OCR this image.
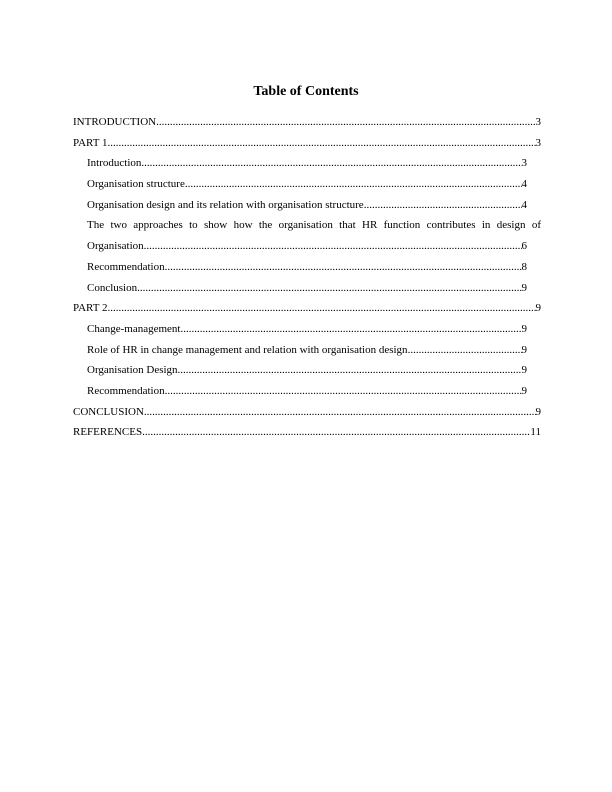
Table of Contents
INTRODUCTION .....	3
PART 1 .....	3
Introduction .....	3
Organisation structure .....	4
Organisation design and its relation with organisation structure .....	4
The two approaches to show how the organisation that HR function contributes in design of
Organisation .....	6
Recommendation .....	8
Conclusion .....	9
PART 2 .....	9
Change-management .....	9
Role of HR in change management and relation with organisation design .....	9
Organisation Design .....	9
Recommendation .....	9
CONCLUSION .....	9
REFERENCES .....	11
